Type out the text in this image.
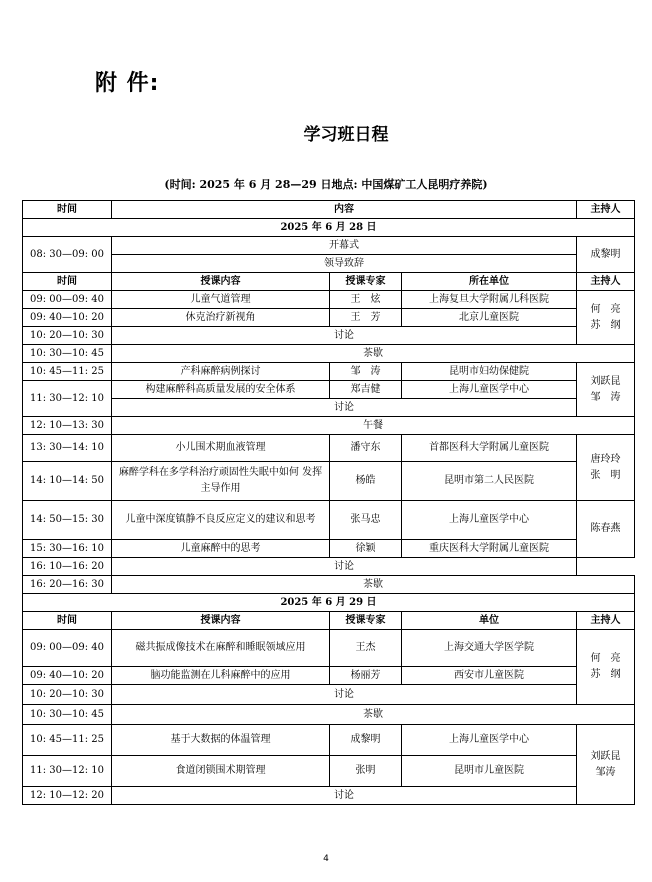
附 件:
学习班日程
(时间: 2025 年 6 月 28—29 日地点: 中国煤矿工人昆明疗养院)
时间	内容			主持人
2025 年 6 月 28 日				
08: 30—09: 00	开幕式			成黎明
	领导致辞			
时间	授课内容	授课专家	所在单位	主持人
09: 00—09: 40	儿童气道管理	王　炫	上海复旦大学附属儿科医院	何　亮
苏　纲
09: 40—10: 20	休克治疗新视角	王　芳	北京儿童医院	
10: 20—10: 30	讨论			
10: 30—10: 45	茶歇			
10: 45—11: 25	产科麻醉病例探讨	邹　涛	昆明市妇幼保健院	刘跃昆
邹　涛
11: 30—12: 10	构建麻醉科高质量发展的安全体系	郑吉健	上海儿童医学中心	
	讨论			
12: 10—13: 30	午餐			
13: 30—14: 10	小儿围术期血液管理	潘守东	首都医科大学附属儿童医院	唐玲玲
张　明
14: 10—14: 50	麻醉学科在多学科治疗顽固性失眠中如何 发挥主导作用	杨皓	昆明市第二人民医院	
14: 50—15: 30	儿童中深度镇静不良反应定义的建议和思考	张马忠	上海儿童医学中心	陈春燕
15: 30—16: 10	儿童麻醉中的思考	徐颖	重庆医科大学附属儿童医院	
16: 10—16: 20	讨论			
16: 20—16: 30	茶歇			
2025 年 6 月 29 日				
时间	授课内容	授课专家	单位	主持人
09: 00—09: 40	磁共振成像技术在麻醉和睡眠领域应用	王杰	上海交通大学医学院	何　亮
苏　纲
09: 40—10: 20	脑功能监测在儿科麻醉中的应用	杨丽芳	西安市儿童医院	
10: 20—10: 30	讨论			
10: 30—10: 45	茶歇			
10: 45—11: 25	基于大数据的体温管理	成黎明	上海儿童医学中心	刘跃昆
邹涛
11: 30—12: 10	食道闭锁围术期管理	张明	昆明市儿童医院	
12: 10—12: 20	讨论			
4
